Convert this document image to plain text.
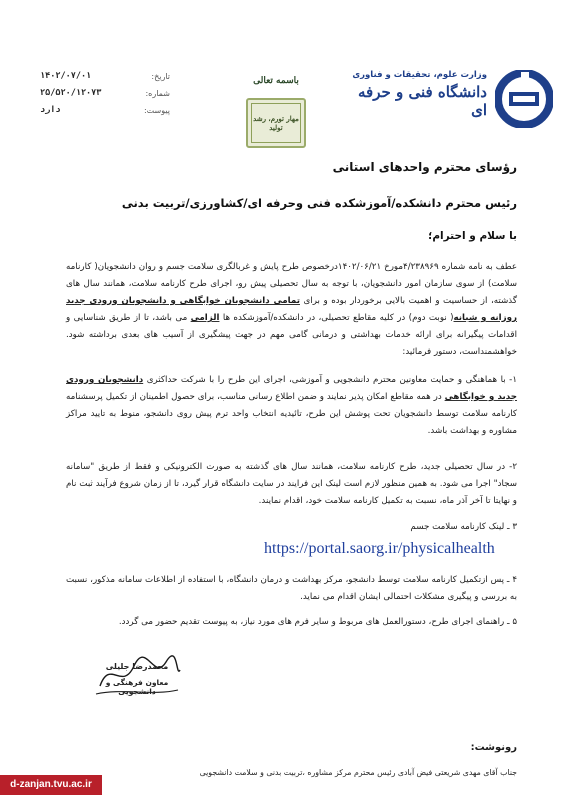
تاریخ:
۱۴۰۲/۰۷/۰۱
شماره:
۲۵/۵۲۰/۱۲۰۷۳
پیوست:
دارد
باسمه تعالی
مهار تورم، رشد تولید
وزارت علوم، تحقیقات و فناوری
دانشگاه فنی و حرفه ای
رؤسای محترم واحدهای استانی
رئیس محترم دانشکده/آموزشکده فنی وحرفه ای/کشاورزی/تربیت بدنی
با سلام و احترام؛
عطف به نامه شماره ۴/۲۳۸۹۶۹مورخ ۱۴۰۲/۰۶/۲۱درخصوص طرح پایش و غربالگری سلامت جسم و روان دانشجویان( کارنامه سلامت) از سوی سازمان امور دانشجویان، با توجه به سال تحصیلی پیش رو، اجرای طرح کارنامه سلامت، همانند سال های گذشته، از حساسیت و اهمیت بالایی برخوردار بوده و برای تمامی دانشجویان خوابگاهی و دانشجویان ورودی جدید روزانه و شبانه( نوبت دوم) در کلیه مقاطع تحصیلی، در دانشکده/آموزشکده ها الزامی می باشد، تا از طریق شناسایی و اقدامات پیگیرانه برای ارائه خدمات بهداشتی و درمانی گامی مهم در جهت پیشگیری از آسیب های بعدی برداشته شود. خواهشمنداست، دستور فرمائید:
۱- با هماهنگی و حمایت معاونین محترم دانشجویی و آموزشی، اجرای این طرح را با شرکت حداکثری دانشجویان ورودی جدید و خوابگاهی در همه مقاطع امکان پذیر نمایند و ضمن اطلاع رسانی مناسب، برای حصول اطمینان از تکمیل پرسشنامه کارنامه سلامت توسط دانشجویان تحت پوشش این طرح، تائیدیه انتخاب واحد ترم پیش روی دانشجو، منوط به تایید مراکز مشاوره و بهداشت باشد.
۲- در سال تحصیلی جدید، طرح کارنامه سلامت، همانند سال های گذشته به صورت الکترونیکی و فقط از طریق "سامانه سجاد" اجرا می شود. به همین منظور لازم است لینک این فرایند در سایت دانشگاه قرار گیرد، تا از زمان شروع فرآیند ثبت نام و نهایتا تا آخر آذر ماه، نسبت به تکمیل کارنامه سلامت خود، اقدام نمایند.
۳ ـ لینک کارنامه سلامت جسم
https://portal.saorg.ir/physicalhealth
۴ ـ پس ازتکمیل کارنامه سلامت توسط دانشجو، مرکز بهداشت و درمان دانشگاه، با استفاده از اطلاعات سامانه مذکور، نسبت به بررسی و پیگیری مشکلات احتمالی ایشان اقدام می نماید.
۵ ـ راهنمای اجرای طرح، دستورالعمل های مربوط و سایر فرم های مورد نیاز، به پیوست تقدیم حضور می گردد.
محمدرضا جلیلی
معاون فرهنگی و دانشجویی
رونوشت:
جناب آقای مهدی شریعتی فیض آبادی رئیس محترم مرکز مشاوره ،تربیت بدنی و سلامت دانشجویی
d-zanjan.tvu.ac.ir
